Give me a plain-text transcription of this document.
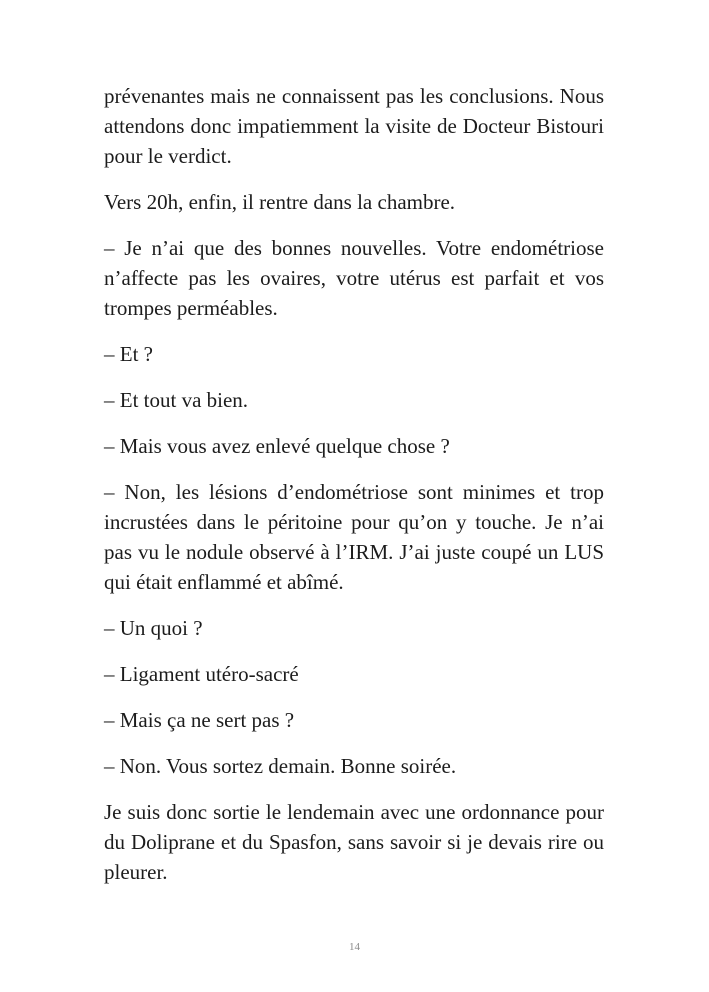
prévenantes mais ne connaissent pas les conclusions. Nous attendons donc impatiemment la visite de Docteur Bistouri pour le verdict.

Vers 20h, enfin, il rentre dans la chambre.

– Je n’ai que des bonnes nouvelles. Votre endométriose n’affecte pas les ovaires, votre utérus est parfait et vos trompes perméables.

– Et ?

– Et tout va bien.

– Mais vous avez enlevé quelque chose ?

– Non, les lésions d’endométriose sont minimes et trop incrustées dans le péritoine pour qu’on y touche. Je n’ai pas vu le nodule observé à l’IRM. J’ai juste coupé un LUS qui était enflammé et abîmé.

– Un quoi ?

– Ligament utéro-sacré

– Mais ça ne sert pas ?

– Non. Vous sortez demain. Bonne soirée.

Je suis donc sortie le lendemain avec une ordonnance pour du Doliprane et du Spasfon, sans savoir si je devais rire ou pleurer.

14
